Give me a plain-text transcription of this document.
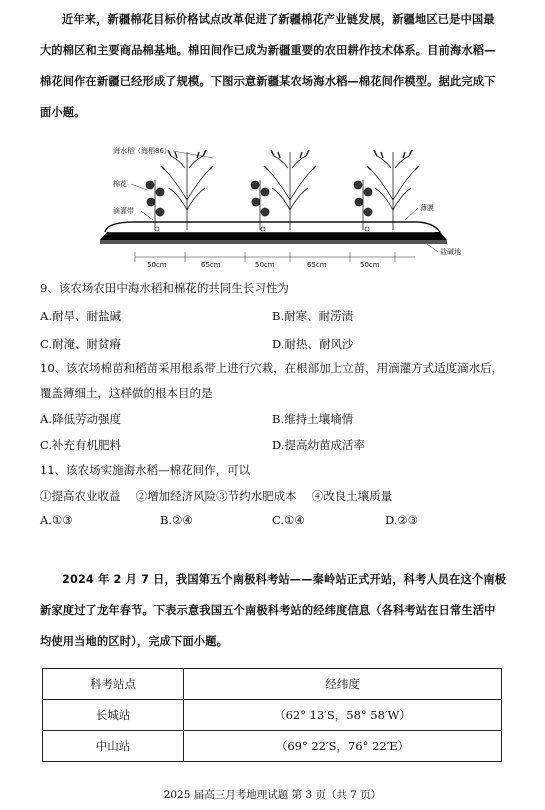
近年来，新疆棉花目标价格试点改革促进了新疆棉花产业链发展，新疆地区已是中国最

大的棉区和主要商品棉基地。棉田间作已成为新疆重要的农田耕作技术体系。目前海水稻—

棉花间作在新疆已经形成了规模。下图示意新疆某农场海水稻—棉花间作模型。据此完成下

面小题。

海水稻（海稻86）
棉花
滴灌带	薄膜
盐碱地
50cm	65cm	50cm	65cm	50cm

9、该农场农田中海水稻和棉花的共同生长习性为

A.耐旱、耐盐碱	B.耐寒、耐涝渍

C.耐淹、耐贫瘠	D.耐热、耐风沙

10、该农场棉苗和稻苗采用根系带上进行穴栽，在根部加上立苗，用滴灌方式适度滴水后，

覆盖薄细土，这样做的根本目的是

A.降低劳动强度	B.维持土壤墒情

C.补充有机肥料	D.提高幼苗成活率

11、该农场实施海水稻—棉花间作，可以

①提高农业收益　 ②增加经济风险③节约水肥成本　 ④改良土壤质量

A.①③	B.②④	C.①④	D.②③

2024 年 2 月 7 日，我国第五个南极科考站——秦岭站正式开站，科考人员在这个南极

新家度过了龙年春节。下表示意我国五个南极科考站的经纬度信息（各科考站在日常生活中

均使用当地的区时），完成下面小题。

科考站点	经纬度
长城站	（62° 13′S，58° 58′W）
中山站	（69° 22′S，76° 22′E）
2025 届高三月考地理试题 第 3 页（共 7 页）
